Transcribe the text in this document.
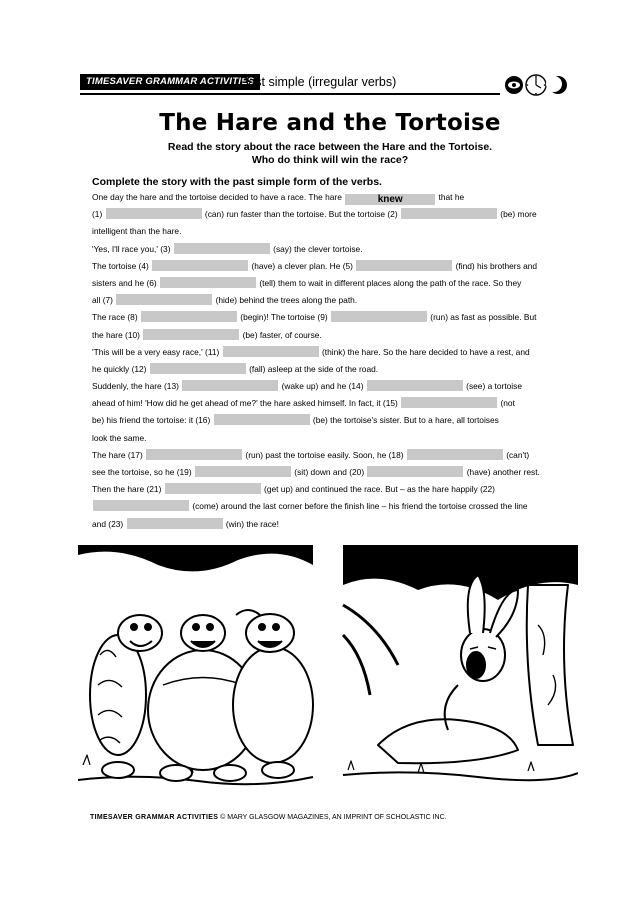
TIMESAVER GRAMMAR ACTIVITIES
Past simple (irregular verbs)
The Hare and the Tortoise
Read the story about the race between the Hare and the Tortoise.
Who do think will win the race?
Complete the story with the past simple form of the verbs.
One day the hare and the tortoise decided to have a race. The hare	knew	that he
(1)	(can) run faster than the tortoise. But the tortoise (2)	(be) more
intelligent than the hare.
'Yes, I'll race you,' (3)	(say) the clever tortoise.
The tortoise (4)	(have) a clever plan. He (5)	(find) his brothers and
sisters and he (6)	(tell) them to wait in different places along the path of the race. So they
all (7)	(hide) behind the trees along the path.
The race (8)	(begin)! The tortoise (9)	(run) as fast as possible. But
the hare (10)	(be) faster, of course.
'This will be a very easy race,' (11)	(think) the hare. So the hare decided to have a rest, and
he quickly (12)	(fall) asleep at the side of the road.
Suddenly, the hare (13)	(wake up) and he (14)	(see) a tortoise
ahead of him! 'How did he get ahead of me?' the hare asked himself. In fact, it (15)	(not
be) his friend the tortoise: it (16)	(be) the tortoise's sister. But to a hare, all tortoises
look the same.
The hare (17)	(run) past the tortoise easily. Soon, he (18)	(can't)
see the tortoise, so he (19)	(sit) down and (20)	(have) another rest.
Then the hare (21)	(get up) and continued the race. But – as the hare happily (22)
(come) around the last corner before the finish line – his friend the tortoise crossed the line
and (23)	(win) the race!
TIMESAVER GRAMMAR ACTIVITIES © MARY GLASGOW MAGAZINES, AN IMPRINT OF SCHOLASTIC INC.
